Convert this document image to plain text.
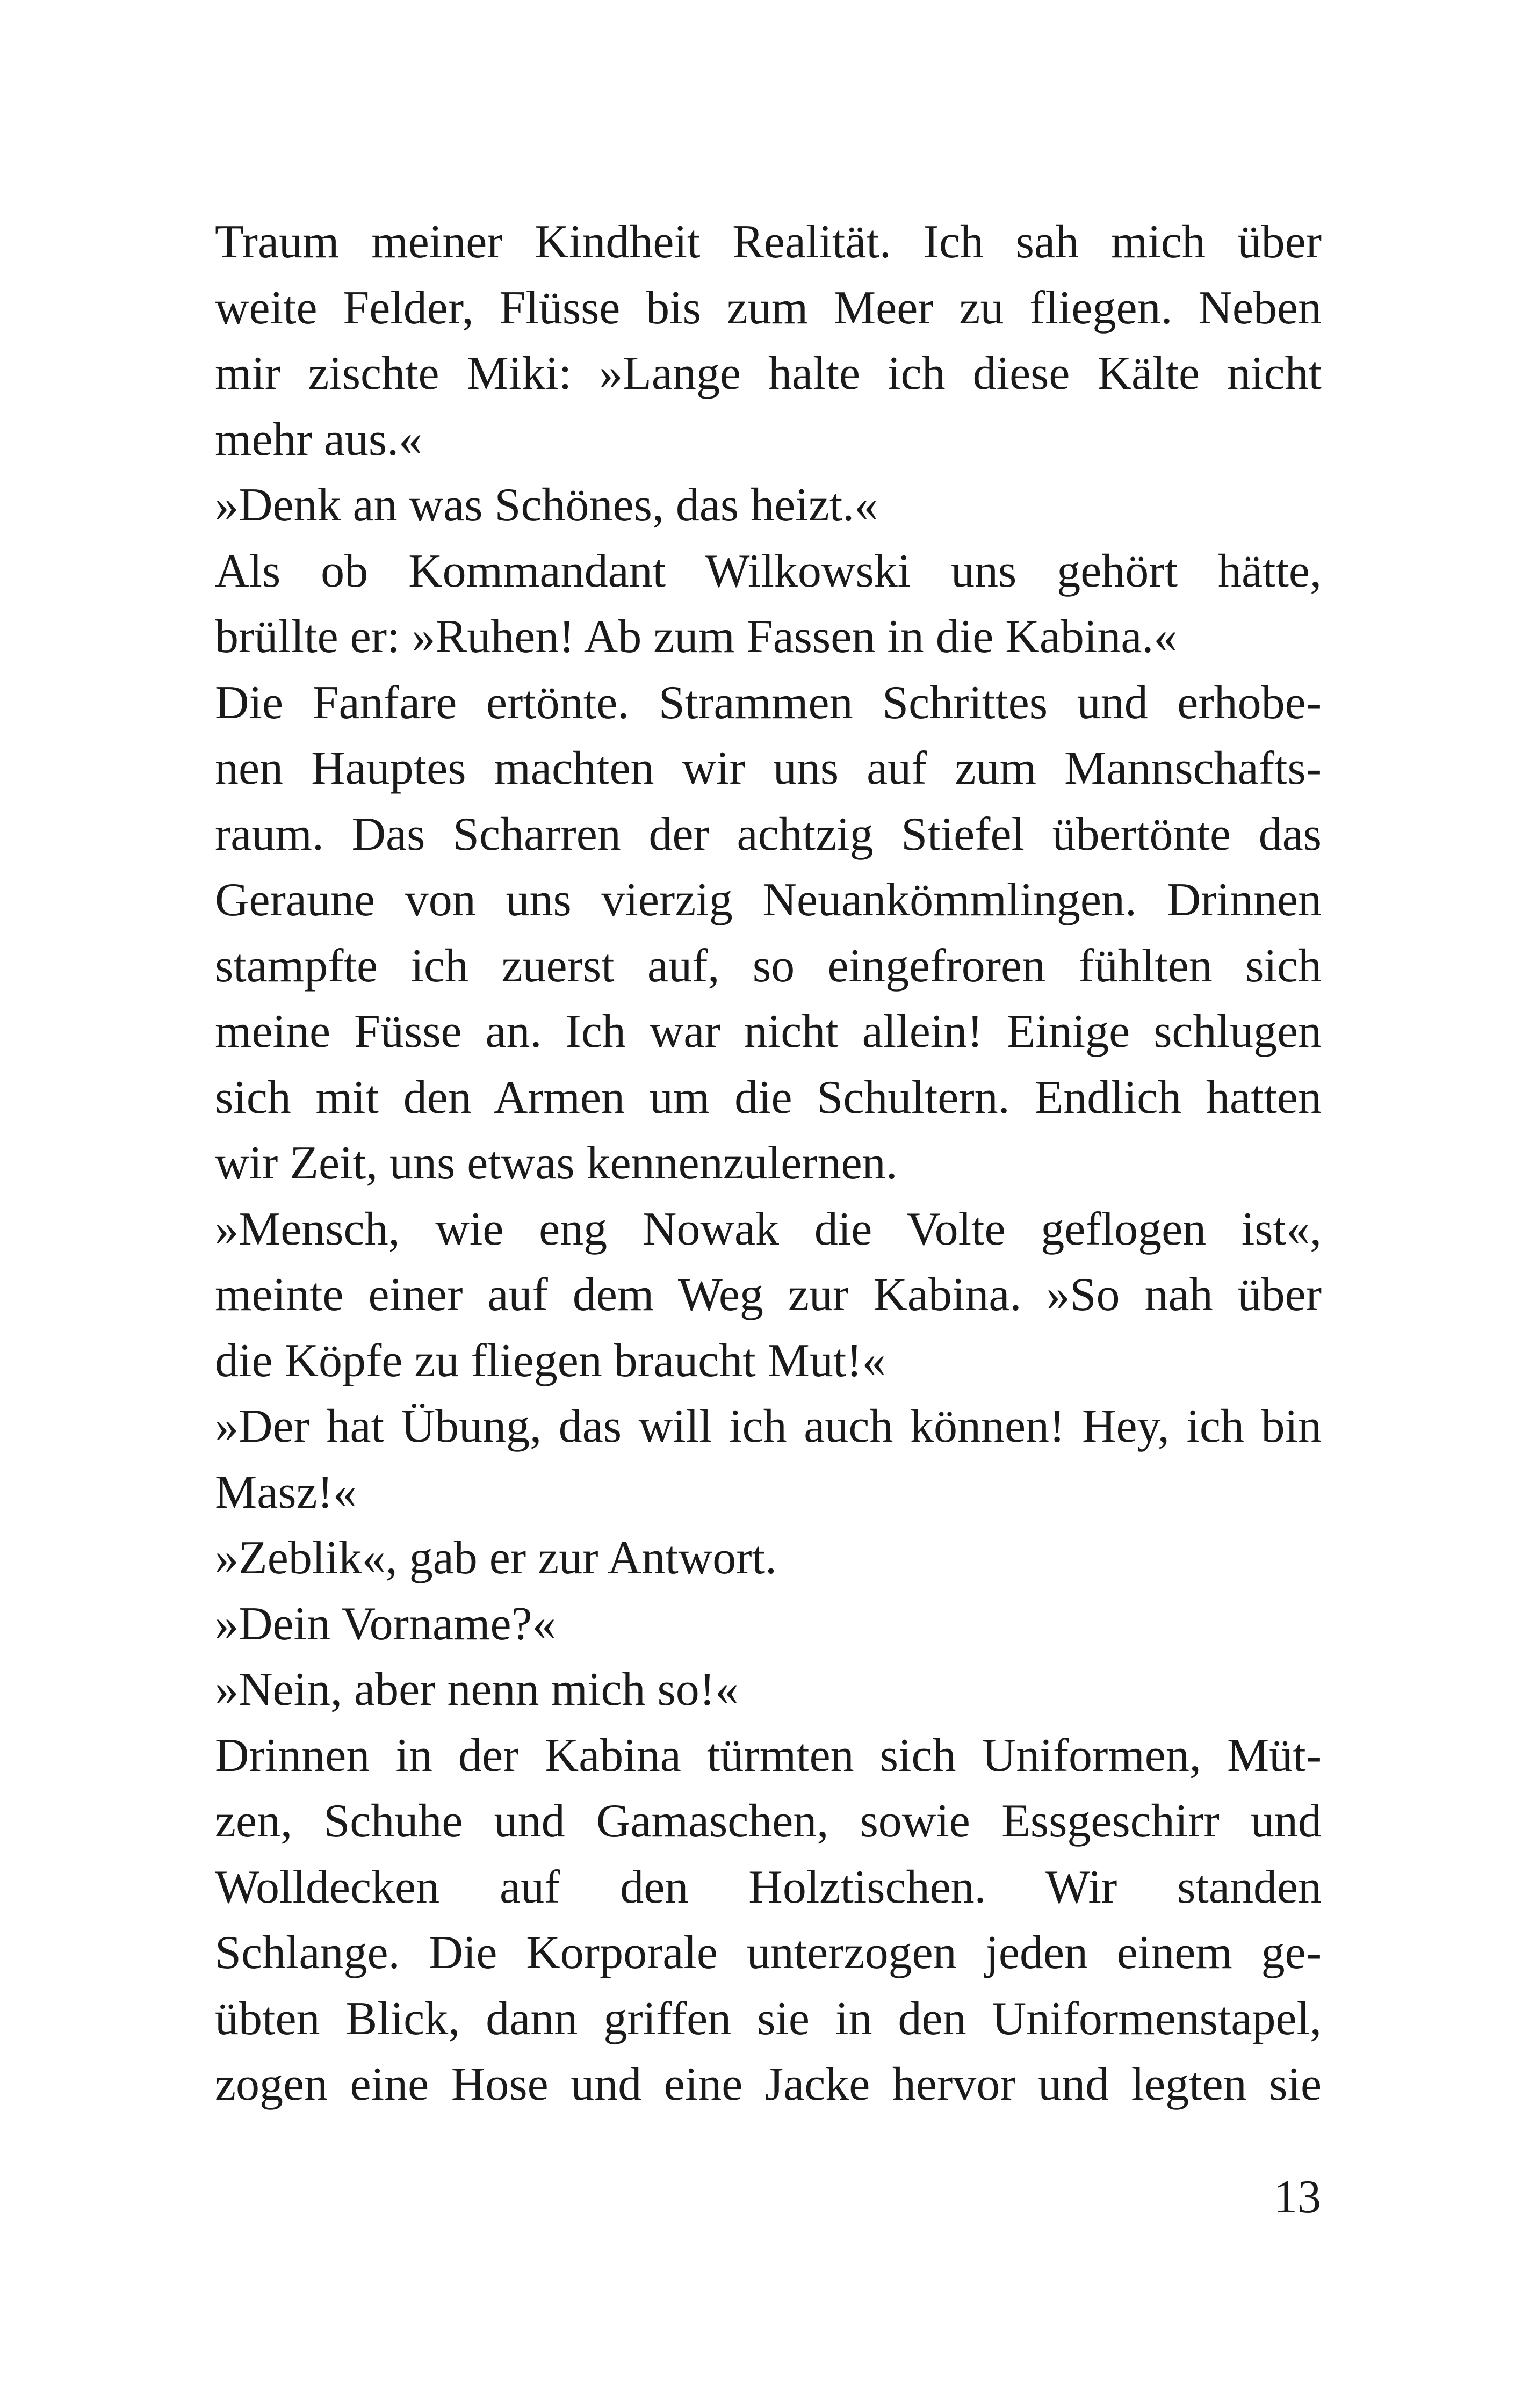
Traum meiner Kindheit Realität. Ich sah mich über
weite Felder, Flüsse bis zum Meer zu fliegen. Neben
mir zischte Miki: »Lange halte ich diese Kälte nicht
mehr aus.«
»Denk an was Schönes, das heizt.«
Als ob Kommandant Wilkowski uns gehört hätte,
brüllte er: »Ruhen! Ab zum Fassen in die Kabina.«
Die Fanfare ertönte. Strammen Schrittes und erhobe-
nen Hauptes machten wir uns auf zum Mannschafts-
raum. Das Scharren der achtzig Stiefel übertönte das
Geraune von uns vierzig Neuankömmlingen. Drinnen
stampfte ich zuerst auf, so eingefroren fühlten sich
meine Füsse an. Ich war nicht allein! Einige schlugen
sich mit den Armen um die Schultern. Endlich hatten
wir Zeit, uns etwas kennenzulernen.
»Mensch, wie eng Nowak die Volte geflogen ist«,
meinte einer auf dem Weg zur Kabina. »So nah über
die Köpfe zu fliegen braucht Mut!«
»Der hat Übung, das will ich auch können! Hey, ich bin
Masz!«
»Zeblik«, gab er zur Antwort.
»Dein Vorname?«
»Nein, aber nenn mich so!«
Drinnen in der Kabina türmten sich Uniformen, Müt-
zen, Schuhe und Gamaschen, sowie Essgeschirr und
Wolldecken auf den Holztischen. Wir standen
Schlange. Die Korporale unterzogen jeden einem ge-
übten Blick, dann griffen sie in den Uniformenstapel,
zogen eine Hose und eine Jacke hervor und legten sie
13
